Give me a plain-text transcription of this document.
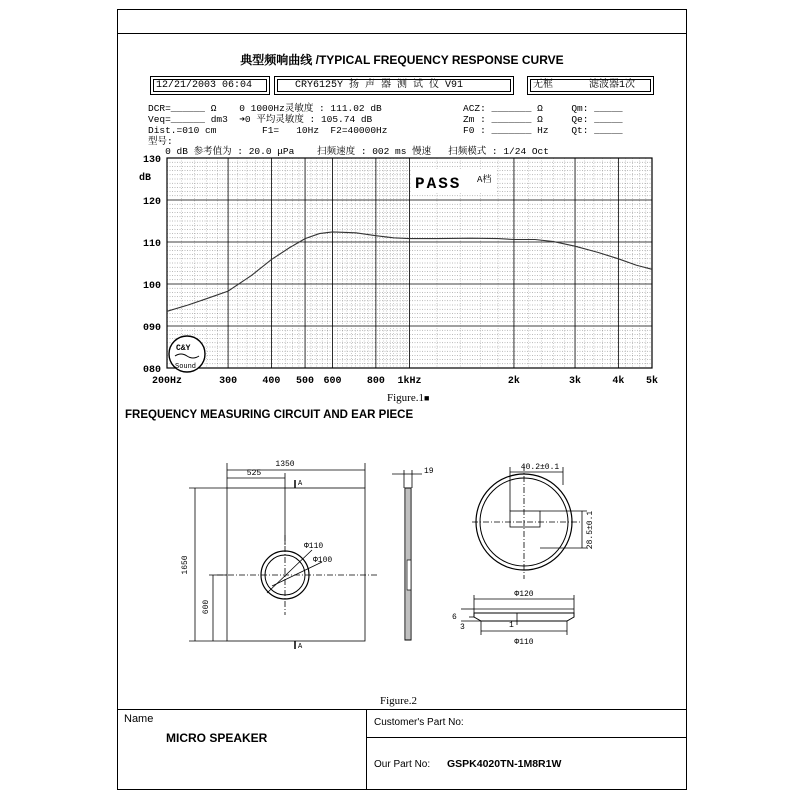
典型频响曲线 /TYPICAL FREQUENCY RESPONSE CURVE
12/21/2003 06:04	CRY6125Y 扬 声 器 测 试 仪 V91	无框      滤波器1次
DCR=______ Ω    0 1000Hz灵敏度 : 111.02 dB
Veq=______ dm3  ➜0 平均灵敏度 : 105.74 dB
Dist.=010 cm        F1=   10Hz  F2=40000Hz
型号:
0 dB 参考值为 : 20.0 μPa    扫频速度 : 002 ms 慢速   扫频模式 : 1/24 Oct
ACZ: _______ Ω     Qm: _____
Zm : _______ Ω     Qe: _____
F0 : _______ Hz    Qt: _____
130
120
110
100
090
080
200Hz	300	400 500 600	800 1kHz	2k	3k	4k 5k
dB	PASS A档
C&Y
Sound
Figure.1■
FREQUENCY MEASURING CIRCUIT AND EAR PIECE
1350
525
1650
600
Φ110
Φ100
A
A
19	40.2±0.1
28.5±0.1
Φ120
Φ110
6
3	1
Figure.2
Name
MICRO SPEAKER
Customer's Part No:
Our Part No: GSPK4020TN-1M8R1W
